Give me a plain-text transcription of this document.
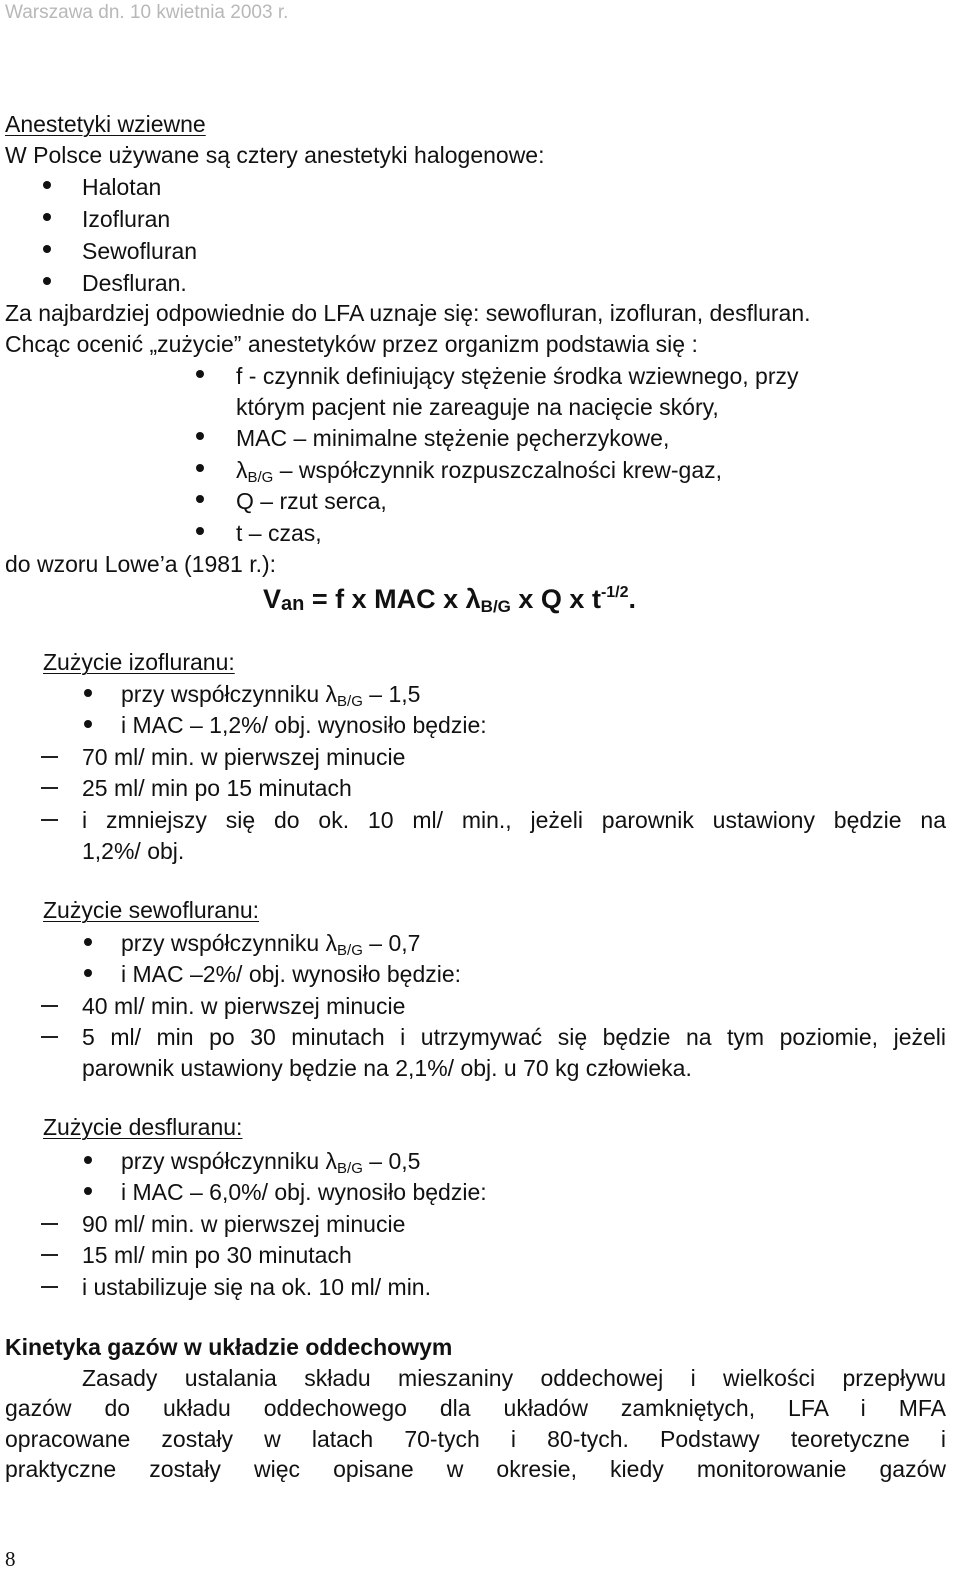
Warszawa dn. 10 kwietnia 2003 r.
Anestetyki wziewne
W Polsce używane są cztery anestetyki halogenowe:
Halotan
Izofluran
Sewofluran
Desfluran.
Za najbardziej odpowiednie do LFA uznaje się: sewofluran, izofluran, desfluran.
Chcąc ocenić „zużycie” anestetyków przez organizm podstawia się :
f - czynnik definiujący stężenie środka wziewnego, przy
którym pacjent nie zareaguje na nacięcie skóry,
MAC – minimalne stężenie pęcherzykowe,
$\lambda_{B/G}$ – współczynnik rozpuszczalności krew-gaz,
Q – rzut serca,
t – czas,
do wzoru Lowe’a (1981 r.):
Van = f x MAC x $\lambda_{B/G}$ x Q x $t^{-1/2}$.
Zużycie izofluranu:
przy współczynniku $\lambda_{B/G} - 1,5$
i MAC – 1,2%/ obj. wynosiło będzie:
70 ml/ min. w pierwszej minucie
25 ml/ min po 15 minutach
i zmniejszy się do ok. 10 ml/ min., jeżeli parownik ustawiony będzie na
1,2%/ obj.
Zużycie sewofluranu:
przy współczynniku $\lambda_{B/G} - 0,7$
i MAC –2%/ obj. wynosiło będzie:
40 ml/ min. w pierwszej minucie
5 ml/ min po 30 minutach i utrzymywać się będzie na tym poziomie, jeżeli
parownik ustawiony będzie na 2,1%/ obj. u 70 kg człowieka.
Zużycie desfluranu:
przy współczynniku $\lambda_{B/G} - 0,5$
i MAC – 6,0%/ obj. wynosiło będzie:
90 ml/ min. w pierwszej minucie
15 ml/ min po 30 minutach
i ustabilizuje się na ok. 10 ml/ min.
Kinetyka gazów w układzie oddechowym
Zasady ustalania składu mieszaniny oddechowej i wielkości przepływu
gazów do układu oddechowego dla układów zamkniętych, LFA i MFA
opracowane zostały w latach 70-tych i 80-tych. Podstawy teoretyczne i
praktyczne zostały więc opisane w okresie, kiedy monitorowanie gazów
8
